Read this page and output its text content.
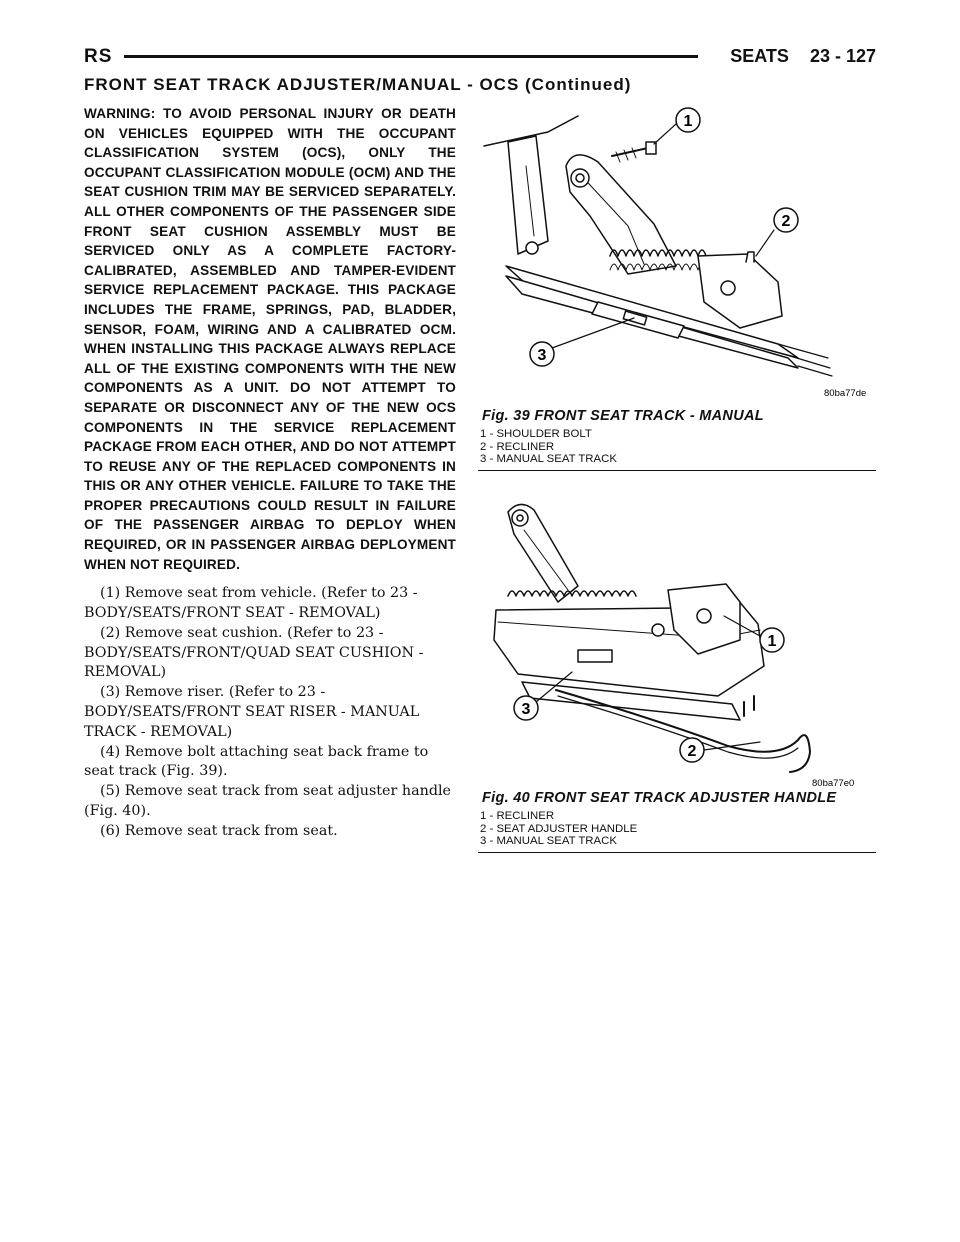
RS	SEATS 23 - 127
FRONT SEAT TRACK ADJUSTER/MANUAL - OCS (Continued)

WARNING: TO AVOID PERSONAL INJURY OR DEATH ON VEHICLES EQUIPPED WITH THE OCCUPANT CLASSIFICATION SYSTEM (OCS), ONLY THE OCCUPANT CLASSIFICATION MODULE (OCM) AND THE SEAT CUSHION TRIM MAY BE SERVICED SEPARATELY. ALL OTHER COMPONENTS OF THE PASSENGER SIDE FRONT SEAT CUSHION ASSEMBLY MUST BE SERVICED ONLY AS A COMPLETE FACTORY-CALIBRATED, ASSEMBLED AND TAMPER-EVIDENT SERVICE REPLACEMENT PACKAGE. THIS PACKAGE INCLUDES THE FRAME, SPRINGS, PAD, BLADDER, SENSOR, FOAM, WIRING AND A CALIBRATED OCM. WHEN INSTALLING THIS PACKAGE ALWAYS REPLACE ALL OF THE EXISTING COMPONENTS WITH THE NEW COMPONENTS AS A UNIT. DO NOT ATTEMPT TO SEPARATE OR DISCONNECT ANY OF THE NEW OCS COMPONENTS IN THE SERVICE REPLACEMENT PACKAGE FROM EACH OTHER, AND DO NOT ATTEMPT TO REUSE ANY OF THE REPLACED COMPONENTS IN THIS OR ANY OTHER VEHICLE. FAILURE TO TAKE THE PROPER PRECAUTIONS COULD RESULT IN FAILURE OF THE PASSENGER AIRBAG TO DEPLOY WHEN REQUIRED, OR IN PASSENGER AIRBAG DEPLOYMENT WHEN NOT REQUIRED.

(1) Remove seat from vehicle. (Refer to 23 - BODY/SEATS/FRONT SEAT - REMOVAL)

(2) Remove seat cushion. (Refer to 23 - BODY/SEATS/FRONT/QUAD SEAT CUSHION - REMOVAL)

(3) Remove riser. (Refer to 23 - BODY/SEATS/FRONT SEAT RISER - MANUAL TRACK - REMOVAL)

(4) Remove bolt attaching seat back frame to seat track (Fig. 39).

(5) Remove seat track from seat adjuster handle (Fig. 40).

(6) Remove seat track from seat.

1
2
3
80ba77de
Fig. 39 FRONT SEAT TRACK - MANUAL
1 - SHOULDER BOLT
2 - RECLINER
3 - MANUAL SEAT TRACK
1
2
3
80ba77e0
Fig. 40 FRONT SEAT TRACK ADJUSTER HANDLE
1 - RECLINER
2 - SEAT ADJUSTER HANDLE
3 - MANUAL SEAT TRACK
